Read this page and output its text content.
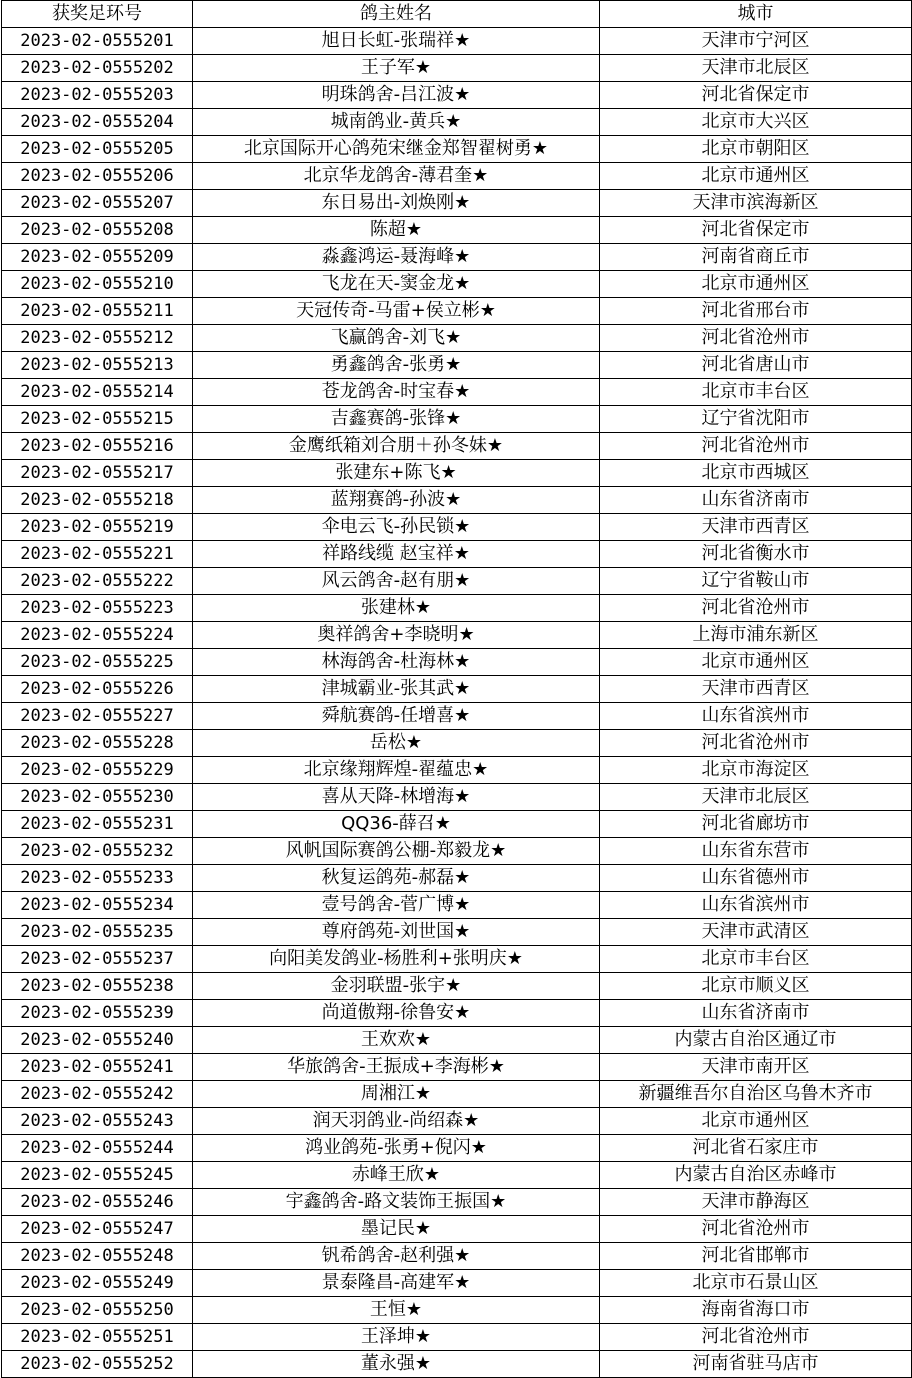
获奖足环号	鸽主姓名	城市
2023-02-0555201	旭日长虹-张瑞祥★	天津市宁河区
2023-02-0555202	王子军★	天津市北辰区
2023-02-0555203	明珠鸽舍-吕江波★	河北省保定市
2023-02-0555204	城南鸽业-黄兵★	北京市大兴区
2023-02-0555205	北京国际开心鸽苑宋继金郑智翟树勇★	北京市朝阳区
2023-02-0555206	北京华龙鸽舍-薄君奎★	北京市通州区
2023-02-0555207	东日易出-刘焕刚★	天津市滨海新区
2023-02-0555208	陈超★	河北省保定市
2023-02-0555209	淼鑫鸿运-聂海峰★	河南省商丘市
2023-02-0555210	飞龙在天-窦金龙★	北京市通州区
2023-02-0555211	天冠传奇-马雷+侯立彬★	河北省邢台市
2023-02-0555212	飞赢鸽舍-刘飞★	河北省沧州市
2023-02-0555213	勇鑫鸽舍-张勇★	河北省唐山市
2023-02-0555214	苍龙鸽舍-时宝春★	北京市丰台区
2023-02-0555215	吉鑫赛鸽-张锋★	辽宁省沈阳市
2023-02-0555216	金鹰纸箱刘合朋＋孙冬妹★	河北省沧州市
2023-02-0555217	张建东+陈飞★	北京市西城区
2023-02-0555218	蓝翔赛鸽-孙波★	山东省济南市
2023-02-0555219	伞电云飞-孙民锁★	天津市西青区
2023-02-0555221	祥路线缆 赵宝祥★	河北省衡水市
2023-02-0555222	风云鸽舍-赵有朋★	辽宁省鞍山市
2023-02-0555223	张建林★	河北省沧州市
2023-02-0555224	奥祥鸽舍+李晓明★	上海市浦东新区
2023-02-0555225	林海鸽舍-杜海林★	北京市通州区
2023-02-0555226	津城霸业-张其武★	天津市西青区
2023-02-0555227	舜航赛鸽-任增喜★	山东省滨州市
2023-02-0555228	岳松★	河北省沧州市
2023-02-0555229	北京缘翔辉煌-翟蕴忠★	北京市海淀区
2023-02-0555230	喜从天降-林增海★	天津市北辰区
2023-02-0555231	QQ36-薛召★	河北省廊坊市
2023-02-0555232	风帆国际赛鸽公棚-郑毅龙★	山东省东营市
2023-02-0555233	秋复运鸽苑-郝磊★	山东省德州市
2023-02-0555234	壹号鸽舍-菅广博★	山东省滨州市
2023-02-0555235	尊府鸽苑-刘世国★	天津市武清区
2023-02-0555237	向阳美发鸽业-杨胜利+张明庆★	北京市丰台区
2023-02-0555238	金羽联盟-张宇★	北京市顺义区
2023-02-0555239	尚道傲翔-徐鲁安★	山东省济南市
2023-02-0555240	王欢欢★	内蒙古自治区通辽市
2023-02-0555241	华旅鸽舍-王振成+李海彬★	天津市南开区
2023-02-0555242	周湘江★	新疆维吾尔自治区乌鲁木齐市
2023-02-0555243	润天羽鸽业-尚绍森★	北京市通州区
2023-02-0555244	鸿业鸽苑-张勇+倪闪★	河北省石家庄市
2023-02-0555245	赤峰王欣★	内蒙古自治区赤峰市
2023-02-0555246	宇鑫鸽舍-路文装饰王振国★	天津市静海区
2023-02-0555247	墨记民★	河北省沧州市
2023-02-0555248	钒希鸽舍-赵利强★	河北省邯郸市
2023-02-0555249	景泰隆昌-高建军★	北京市石景山区
2023-02-0555250	王恒★	海南省海口市
2023-02-0555251	王泽坤★	河北省沧州市
2023-02-0555252	董永强★	河南省驻马店市
